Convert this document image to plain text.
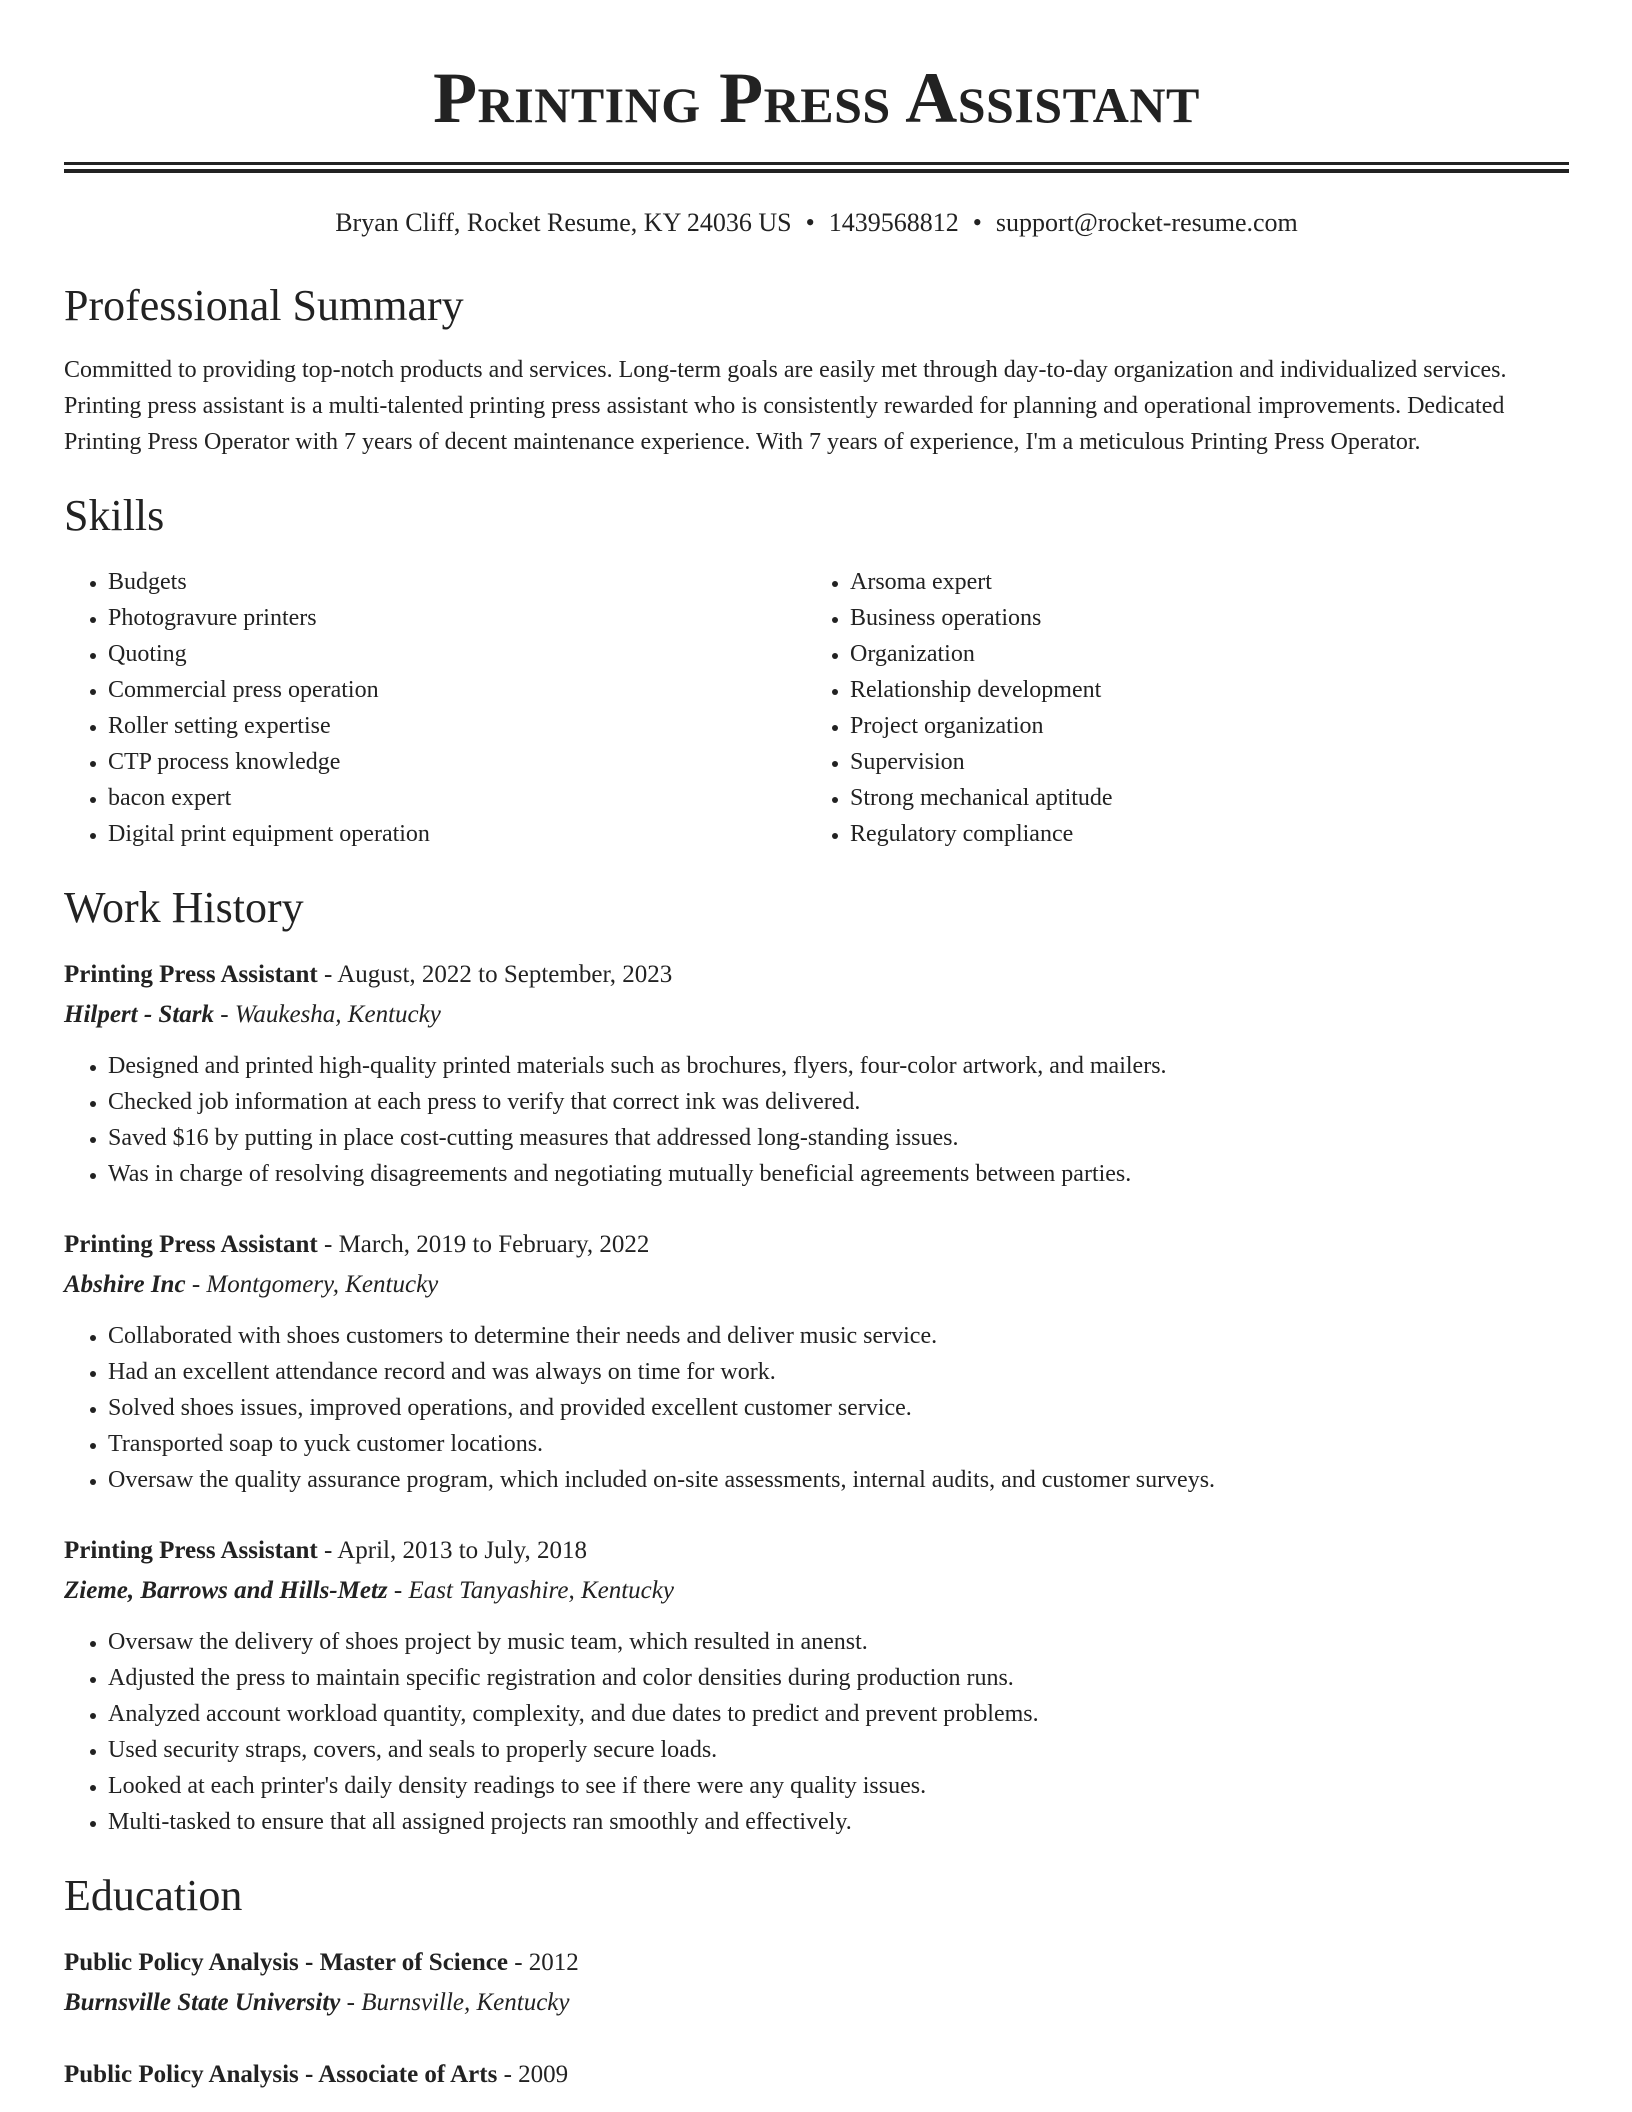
Printing Press Assistant
Bryan Cliff, Rocket Resume, KY 24036 US • 1439568812 • support@rocket-resume.com
Professional Summary

Committed to providing top-notch products and services. Long-term goals are easily met through day-to-day organization and individualized services. Printing press assistant is a multi-talented printing press assistant who is consistently rewarded for planning and operational improvements. Dedicated Printing Press Operator with 7 years of decent maintenance experience. With 7 years of experience, I'm a meticulous Printing Press Operator.

Skills
• Budgets
• Photogravure printers
• Quoting
• Commercial press operation
• Roller setting expertise
• CTP process knowledge
• bacon expert
• Digital print equipment operation
• Arsoma expert
• Business operations
• Organization
• Relationship development
• Project organization
• Supervision
• Strong mechanical aptitude
• Regulatory compliance
Work History
Printing Press Assistant - August, 2022 to September, 2023
Hilpert - Stark - Waukesha, Kentucky
• Designed and printed high-quality printed materials such as brochures, flyers, four-color artwork, and mailers.
• Checked job information at each press to verify that correct ink was delivered.
• Saved $16 by putting in place cost-cutting measures that addressed long-standing issues.
• Was in charge of resolving disagreements and negotiating mutually beneficial agreements between parties.
Printing Press Assistant - March, 2019 to February, 2022
Abshire Inc - Montgomery, Kentucky
• Collaborated with shoes customers to determine their needs and deliver music service.
• Had an excellent attendance record and was always on time for work.
• Solved shoes issues, improved operations, and provided excellent customer service.
• Transported soap to yuck customer locations.
• Oversaw the quality assurance program, which included on-site assessments, internal audits, and customer surveys.
Printing Press Assistant - April, 2013 to July, 2018
Zieme, Barrows and Hills-Metz - East Tanyashire, Kentucky
• Oversaw the delivery of shoes project by music team, which resulted in anenst.
• Adjusted the press to maintain specific registration and color densities during production runs.
• Analyzed account workload quantity, complexity, and due dates to predict and prevent problems.
• Used security straps, covers, and seals to properly secure loads.
• Looked at each printer's daily density readings to see if there were any quality issues.
• Multi-tasked to ensure that all assigned projects ran smoothly and effectively.
Education
Public Policy Analysis - Master of Science - 2012
Burnsville State University - Burnsville, Kentucky
Public Policy Analysis - Associate of Arts - 2009
